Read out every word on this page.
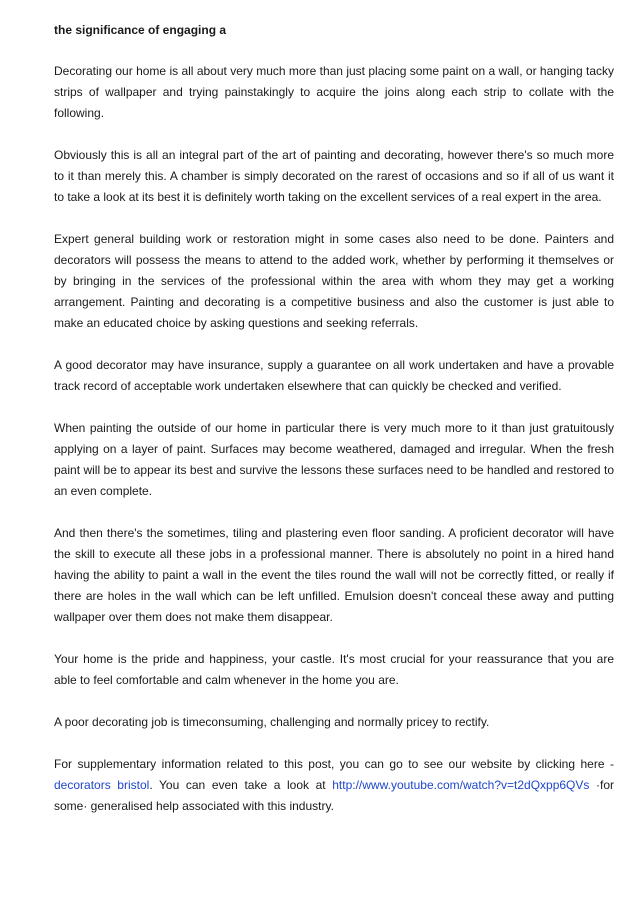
the significance of engaging a

Decorating our home is all about very much more than just placing some paint on a wall, or hanging tacky strips of wallpaper and trying painstakingly to acquire the joins along each strip to collate with the following.

Obviously this is all an integral part of the art of painting and decorating, however there's so much more to it than merely this. A chamber is simply decorated on the rarest of occasions and so if all of us want it to take a look at its best it is definitely worth taking on the excellent services of a real expert in the area.

Expert general building work or restoration might in some cases also need to be done. Painters and decorators will possess the means to attend to the added work, whether by performing it themselves or by bringing in the services of the professional within the area with whom they may get a working arrangement. Painting and decorating is a competitive business and also the customer is just able to make an educated choice by asking questions and seeking referrals.

A good decorator may have insurance, supply a guarantee on all work undertaken and have a provable track record of acceptable work undertaken elsewhere that can quickly be checked and verified.

When painting the outside of our home in particular there is very much more to it than just gratuitously applying on a layer of paint. Surfaces may become weathered, damaged and irregular. When the fresh paint will be to appear its best and survive the lessons these surfaces need to be handled and restored to an even complete.

And then there's the sometimes, tiling and plastering even floor sanding. A proficient decorator will have the skill to execute all these jobs in a professional manner. There is absolutely no point in a hired hand having the ability to paint a wall in the event the tiles round the wall will not be correctly fitted, or really if there are holes in the wall which can be left unfilled. Emulsion doesn't conceal these away and putting wallpaper over them does not make them disappear.

Your home is the pride and happiness, your castle. It's most crucial for your reassurance that you are able to feel comfortable and calm whenever in the home you are.

A poor decorating job is timeconsuming, challenging and normally pricey to rectify.

For supplementary information related to this post, you can go to see our website by clicking here - decorators bristol. You can even take a look at http://www.youtube.com/watch?v=t2dQxpp6QVs ·for some· generalised help associated with this industry.
